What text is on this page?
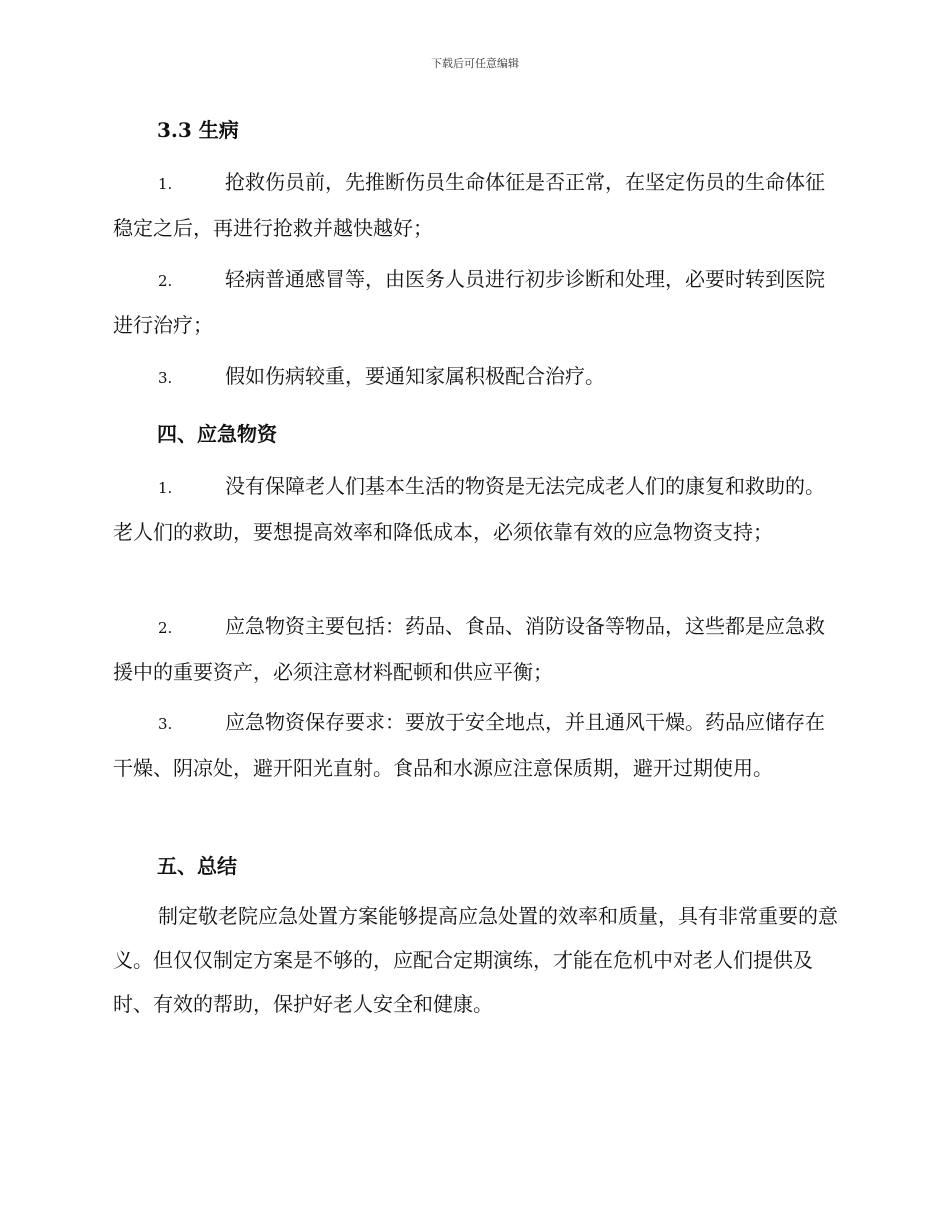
下载后可任意编辑
3.3 生病

1.	抢救伤员前，先推断伤员生命体征是否正常，在坚定伤员的生命体征稳定之后，再进行抢救并越快越好；

2.	轻病普通感冒等，由医务人员进行初步诊断和处理，必要时转到医院进行治疗；

3.	假如伤病较重，要通知家属积极配合治疗。

四、应急物资

1.	没有保障老人们基本生活的物资是无法完成老人们的康复和救助的。老人们的救助，要想提高效率和降低成本，必须依靠有效的应急物资支持；

2.	应急物资主要包括：药品、食品、消防设备等物品，这些都是应急救援中的重要资产，必须注意材料配顿和供应平衡；

3.	应急物资保存要求：要放于安全地点，并且通风干燥。药品应储存在干燥、阴凉处，避开阳光直射。食品和水源应注意保质期，避开过期使用。

五、总结

制定敬老院应急处置方案能够提高应急处置的效率和质量，具有非常重要的意义。但仅仅制定方案是不够的，应配合定期演练，才能在危机中对老人们提供及时、有效的帮助，保护好老人安全和健康。
